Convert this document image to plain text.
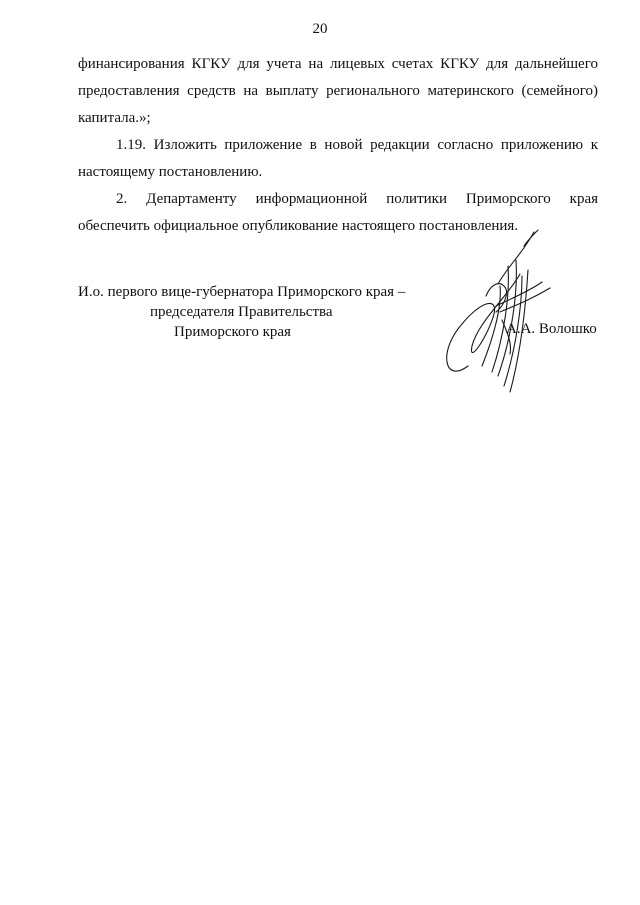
20
финансирования КГКУ для учета на лицевых счетах КГКУ для дальнейшего
предоставления средств на выплату регионального материнского (семейного)
капитала.»;
1.19. Изложить приложение в новой редакции согласно приложению к
настоящему постановлению.
2. Департаменту информационной политики Приморского края
обеспечить официальное опубликование настоящего постановления.
И.о. первого вице-губернатора Приморского края –
председателя Правительства
Приморского края	А.А. Волошко
